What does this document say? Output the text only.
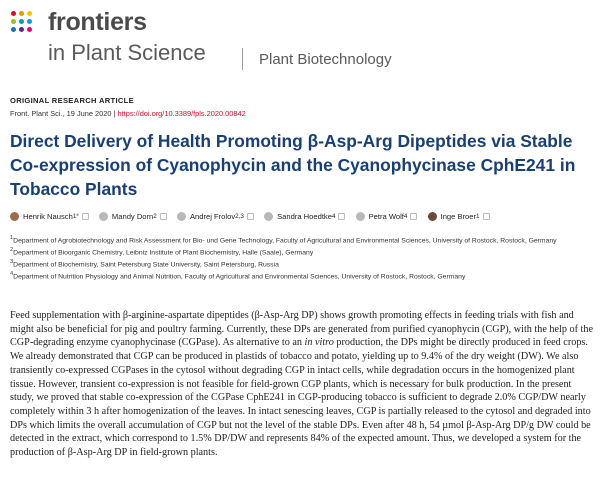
frontiers
in Plant Science	Plant Biotechnology
ORIGINAL RESEARCH ARTICLE
Front. Plant Sci., 19 June 2020 | https://doi.org/10.3389/fpls.2020.00842
Direct Delivery of Health Promoting β-Asp-Arg Dipeptides via Stable Co-expression of Cyanophycin and the Cyanophycinase CphE241 in Tobacco Plants
Henrik Nausch 1*
	Mandy Dorn 2
	Andrej Frolov 2,3
	Sandra Hoedtke 4
	Petra Wolf 4
	Inge Broer 1

$^1$Department of Agrobiotechnology and Risk Assessment for Bio- und Gene Technology, Faculty of Agricultural and Environmental Sciences, University of Rostock, Rostock, Germany

$^2$Department of Bioorganic Chemistry, Leibniz Institute of Plant Biochemistry, Halle (Saale), Germany

$^3$Department of Biochemistry, Saint Petersburg State University, Saint Petersburg, Russia

$^4$Department of Nutrition Physiology and Animal Nutrition, Faculty of Agricultural and Environmental Sciences, University of Rostock, Rostock, Germany

Feed supplementation with β-arginine-aspartate dipeptides (β-Asp-Arg DP) shows growth promoting effects in feeding trials with fish and might also be beneficial for pig and poultry farming. Currently, these DPs are generated from purified cyanophycin (CGP), with the help of the CGP-degrading enzyme cyanophycinase (CGPase). As alternative to an in vitro production, the DPs might be directly produced in feed crops. We already demonstrated that CGP can be produced in plastids of tobacco and potato, yielding up to 9.4% of the dry weight (DW). We also transiently co-expressed CGPases in the cytosol without degrading CGP in intact cells, while degradation occurs in the homogenized plant tissue. However, transient co-expression is not feasible for field-grown CGP plants, which is necessary for bulk production. In the present study, we proved that stable co-expression of the CGPase CphE241 in CGP-producing tobacco is sufficient to degrade 2.0% CGP/DW nearly completely within 3 h after homogenization of the leaves. In intact senescing leaves, CGP is partially released to the cytosol and degraded into DPs which limits the overall accumulation of CGP but not the level of the stable DPs. Even after 48 h, 54 µmol β-Asp-Arg DP/g DW could be detected in the extract, which correspond to 1.5% DP/DW and represents 84% of the expected amount. Thus, we developed a system for the production of β-Asp-Arg DP in field-grown plants.
